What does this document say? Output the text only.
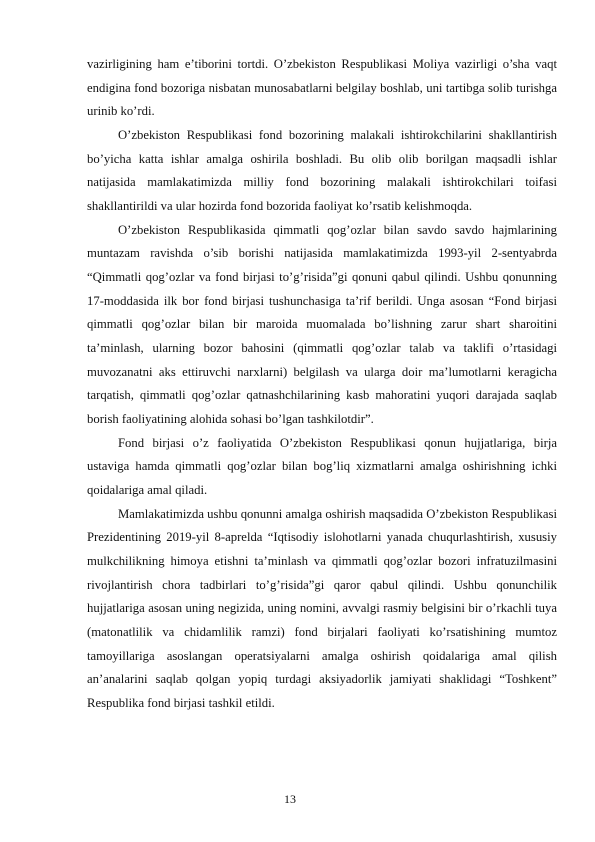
vazirligining ham e’tiborini tortdi. O’zbekiston Respublikasi Moliya vazirligi o’sha vaqt endigina fond bozoriga nisbatan munosabatlarni belgilay boshlab, uni tartibga solib turishga urinib ko’rdi.

O’zbekiston Respublikasi fond bozorining malakali ishtirokchilarini shakllantirish bo’yicha katta ishlar amalga oshirila boshladi. Bu olib olib borilgan maqsadli ishlar natijasida mamlakatimizda milliy fond bozorining malakali ishtirokchilari toifasi shakllantirildi va ular hozirda fond bozorida faoliyat ko’rsatib kelishmoqda.

O’zbekiston Respublikasida qimmatli qog’ozlar bilan savdo savdo hajmlarining muntazam ravishda o’sib borishi natijasida mamlakatimizda 1993-yil 2-sentyabrda “Qimmatli qog’ozlar va fond birjasi to’g’risida”gi qonuni qabul qilindi. Ushbu qonunning 17-moddasida ilk bor fond birjasi tushunchasiga ta’rif berildi. Unga asosan “Fond birjasi qimmatli qog’ozlar bilan bir maroida muomalada bo’lishning zarur shart sharoitini ta’minlash, ularning bozor bahosini (qimmatli qog’ozlar talab va taklifi o’rtasidagi muvozanatni aks ettiruvchi narxlarni) belgilash va ularga doir ma’lumotlarni keragicha tarqatish, qimmatli qog’ozlar qatnashchilarining kasb mahoratini yuqori darajada saqlab borish faoliyatining alohida sohasi bo’lgan tashkilotdir”.

Fond birjasi o’z faoliyatida O’zbekiston Respublikasi qonun hujjatlariga, birja ustaviga hamda qimmatli qog’ozlar bilan bog’liq xizmatlarni amalga oshirishning ichki qoidalariga amal qiladi.

Mamlakatimizda ushbu qonunni amalga oshirish maqsadida O’zbekiston Respublikasi Prezidentining 2019-yil 8-aprelda “Iqtisodiy islohotlarni yanada chuqurlashtirish, xususiy mulkchilikning himoya etishni ta’minlash va qimmatli qog’ozlar bozori infratuzilmasini rivojlantirish chora tadbirlari to’g’risida”gi qaror qabul qilindi. Ushbu qonunchilik hujjatlariga asosan uning negizida, uning nomini, avvalgi rasmiy belgisini bir o’rkachli tuya (matonatlilik va chidamlilik ramzi) fond birjalari faoliyati ko’rsatishining mumtoz tamoyillariga asoslangan operatsiyalarni amalga oshirish qoidalariga amal qilish an’analarini saqlab qolgan yopiq turdagi aksiyadorlik jamiyati shaklidagi “Toshkent” Respublika fond birjasi tashkil etildi.

13
